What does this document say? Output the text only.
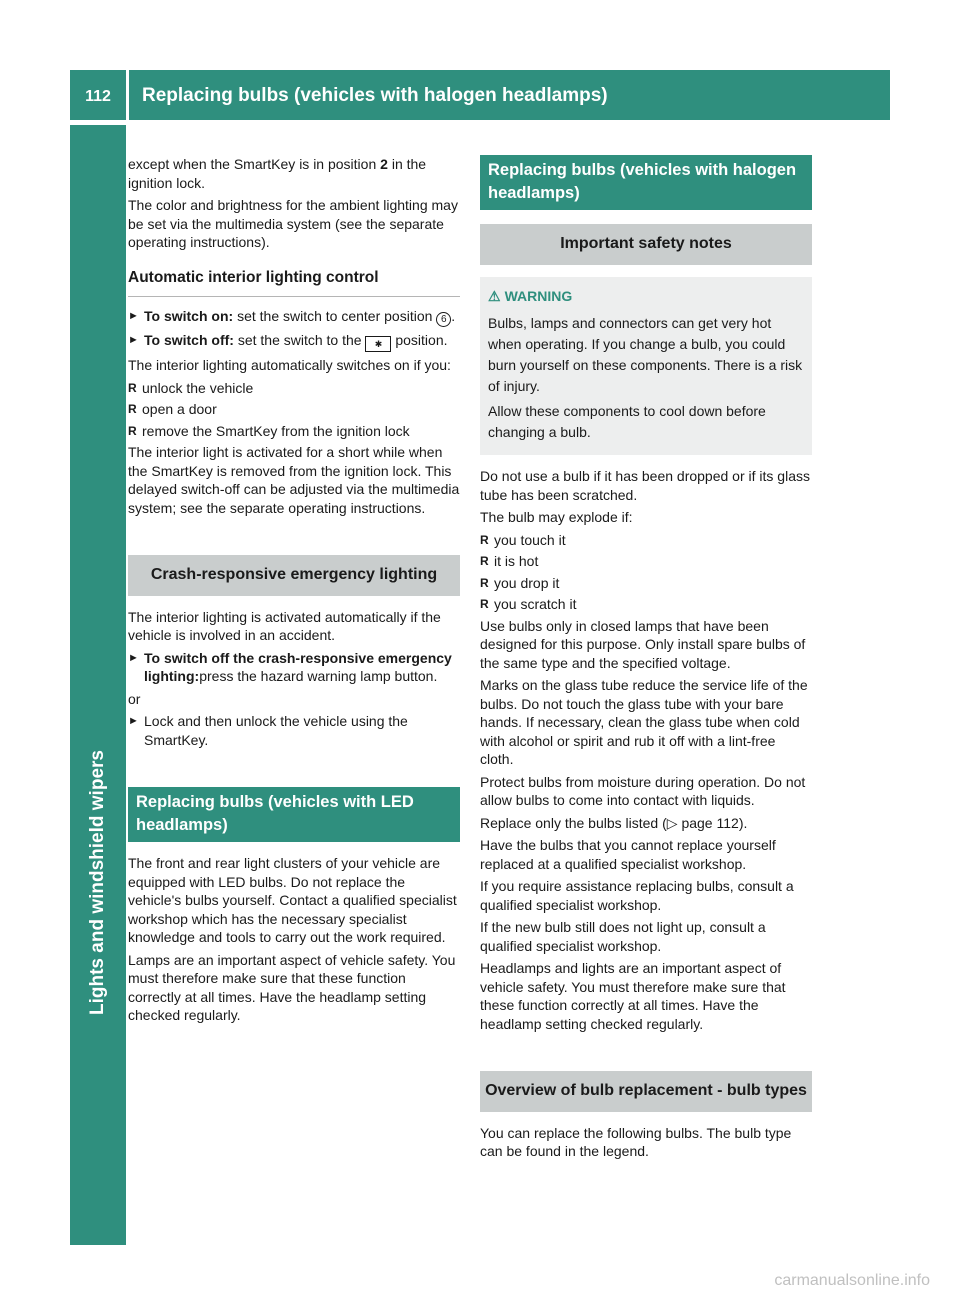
112	Replacing bulbs (vehicles with halogen headlamps)
Lights and windshield wipers

except when the SmartKey is in position 2 in the ignition lock.

The color and brightness for the ambient lighting may be set via the multimedia system (see the separate operating instructions).

Automatic interior lighting control
► To switch on: set the switch to center position 6 .
► To switch off: set the switch to the ✱ position.

The interior lighting automatically switches on if you:

R unlock the vehicle
R open a door
R remove the SmartKey from the ignition lock

The interior light is activated for a short while when the SmartKey is removed from the ignition lock. This delayed switch-off can be adjusted via the multimedia system; see the separate operating instructions.

Crash-responsive emergency lighting

The interior lighting is activated automatically if the vehicle is involved in an accident.

► To switch off the crash-responsive emergency lighting:press the hazard warning lamp button.

or

► Lock and then unlock the vehicle using the SmartKey.
Replacing bulbs (vehicles with LED headlamps)

The front and rear light clusters of your vehicle are equipped with LED bulbs. Do not replace the vehicle's bulbs yourself. Contact a qualified specialist workshop which has the necessary specialist knowledge and tools to carry out the work required.

Lamps are an important aspect of vehicle safety. You must therefore make sure that these function correctly at all times. Have the headlamp setting checked regularly.

Replacing bulbs (vehicles with halogen headlamps)
Important safety notes
⚠ WARNING

Bulbs, lamps and connectors can get very hot when operating. If you change a bulb, you could burn yourself on these components. There is a risk of injury.

Allow these components to cool down before changing a bulb.

Do not use a bulb if it has been dropped or if its glass tube has been scratched.

The bulb may explode if:

R you touch it
R it is hot
R you drop it
R you scratch it

Use bulbs only in closed lamps that have been designed for this purpose. Only install spare bulbs of the same type and the specified voltage.

Marks on the glass tube reduce the service life of the bulbs. Do not touch the glass tube with your bare hands. If necessary, clean the glass tube when cold with alcohol or spirit and rub it off with a lint-free cloth.

Protect bulbs from moisture during operation. Do not allow bulbs to come into contact with liquids.

Replace only the bulbs listed (▷ page 112).

Have the bulbs that you cannot replace yourself replaced at a qualified specialist workshop.

If you require assistance replacing bulbs, consult a qualified specialist workshop.

If the new bulb still does not light up, consult a qualified specialist workshop.

Headlamps and lights are an important aspect of vehicle safety. You must therefore make sure that these function correctly at all times. Have the headlamp setting checked regularly.

Overview of bulb replacement - bulb types

You can replace the following bulbs. The bulb type can be found in the legend.

carmanualsonline.info
